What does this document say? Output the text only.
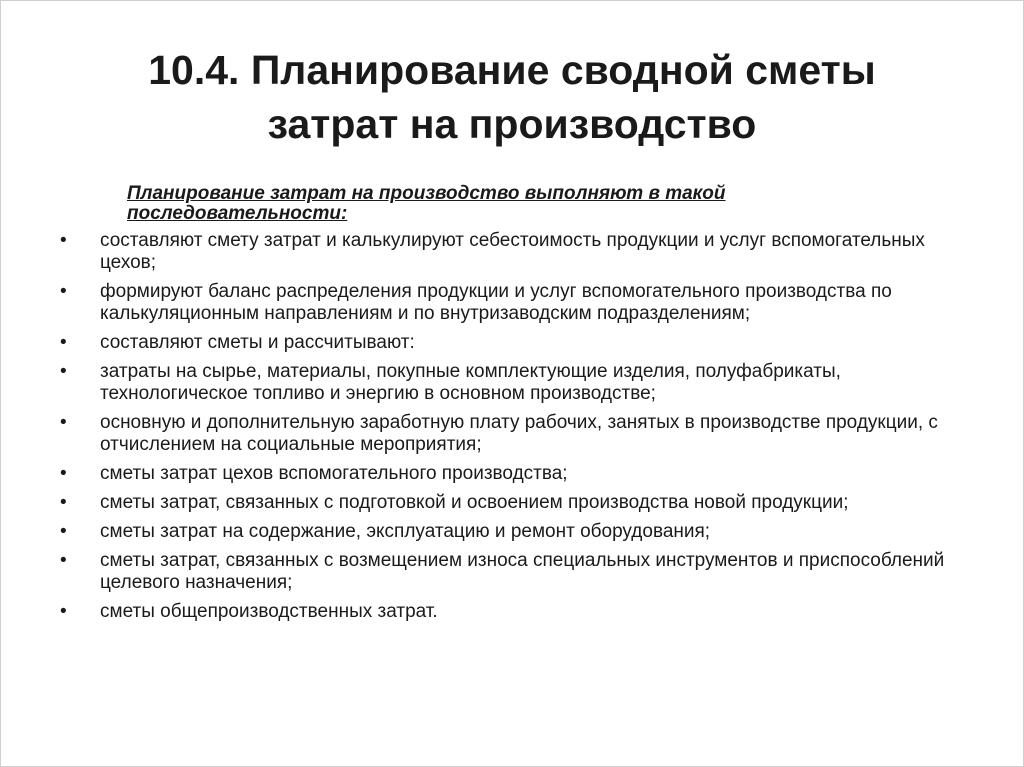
10.4. Планирование сводной сметы
затрат на производство
Планирование затрат на производство выполняют в такой последовательности:
• составляют смету затрат и калькулируют себестоимость продукции и услуг вспомогательных цехов;
• формируют баланс распределения продукции и услуг вспомогательного производства по калькуляционным направлениям и по внутризаводским подразделениям;
• составляют сметы и рассчитывают:
• затраты на сырье, материалы, покупные комплектующие изделия, полуфабрикаты, технологическое топливо и энергию в основном производстве;
• основную и дополнительную заработную плату рабочих, занятых в производстве продукции, с отчислением на социальные мероприятия;
• сметы затрат цехов вспомогательного производства;
• сметы затрат, связанных с подготовкой и освоением производства новой продукции;
• сметы затрат на содержание, эксплуатацию и ремонт оборудования;
• сметы затрат, связанных с возмещением износа специальных инструментов и приспособлений целевого назначения;
• сметы общепроизводственных затрат.
